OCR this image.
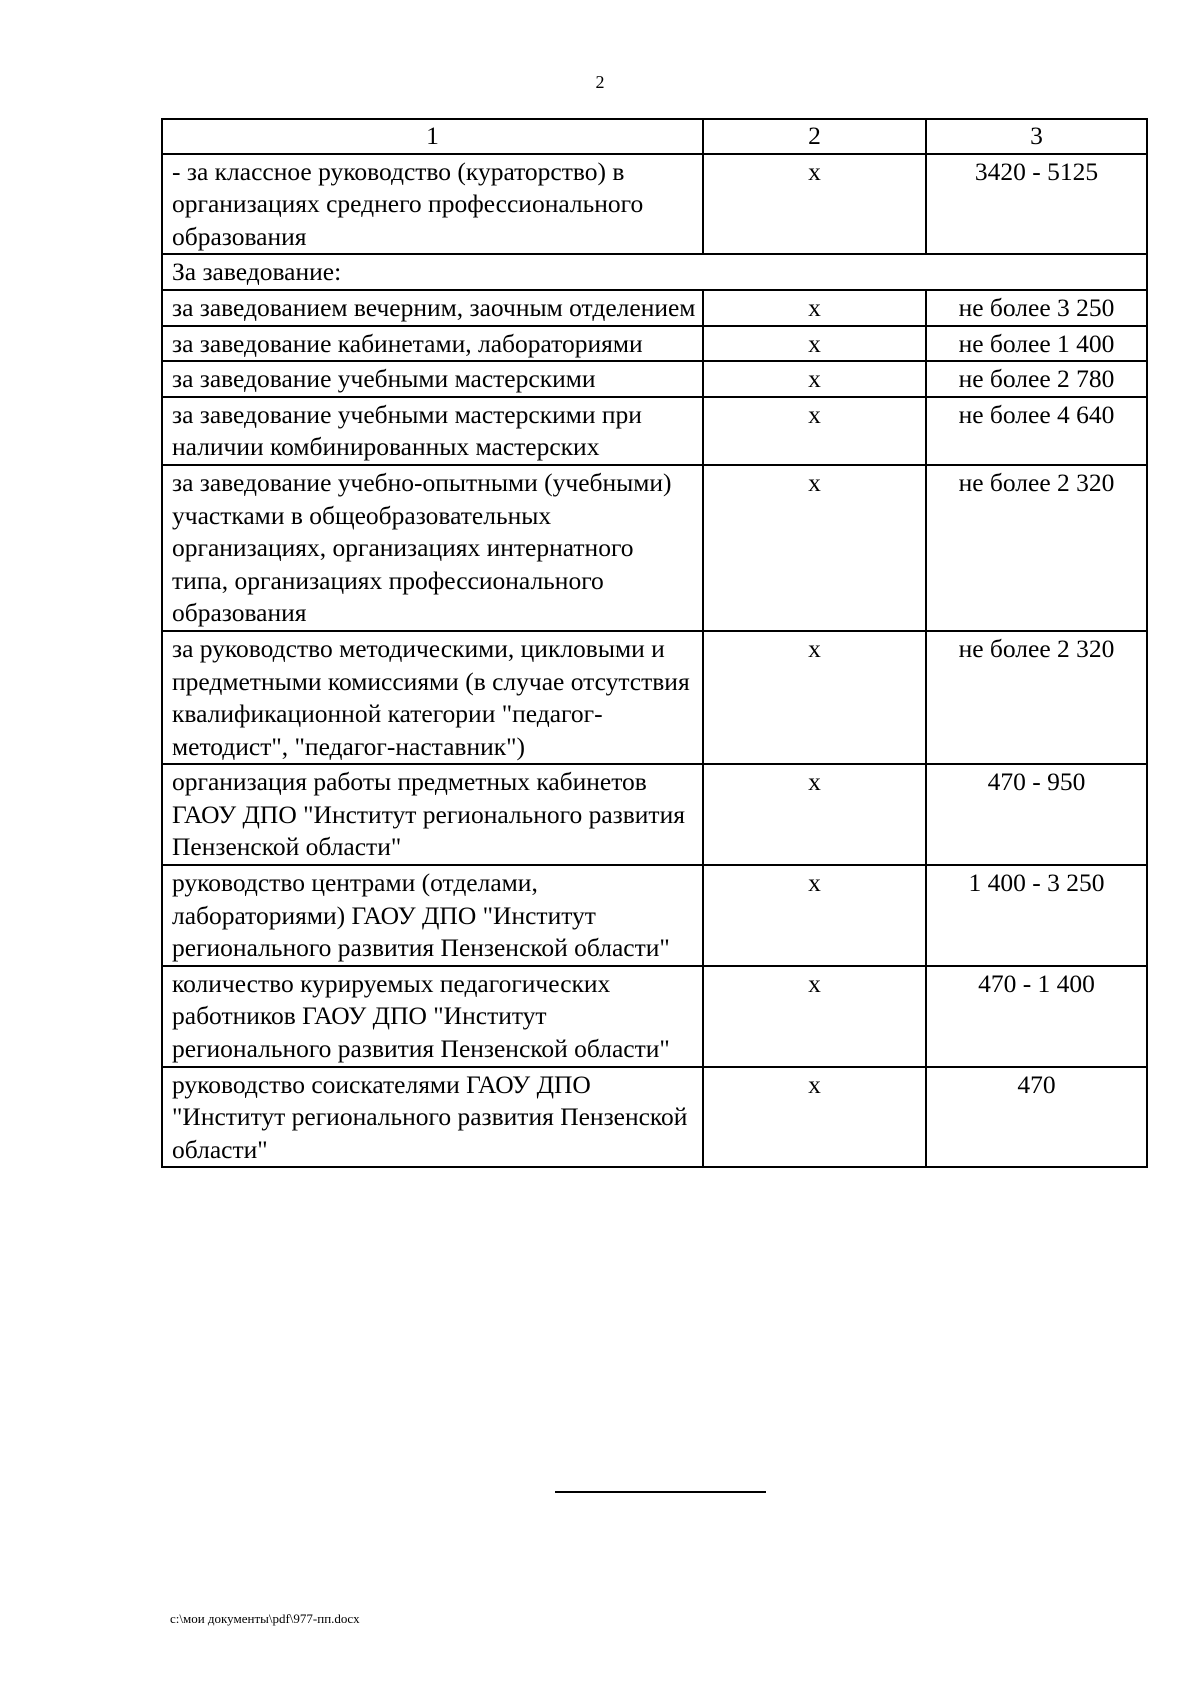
2
1	2	3
- за классное руководство (кураторство) в организациях среднего профессионального образования	х	3420 - 5125
За заведование:		
за заведованием вечерним, заочным отделением	х	не более 3 250
за заведование кабинетами, лабораториями	х	не более 1 400
за заведование учебными мастерскими	х	не более 2 780
за заведование учебными мастерскими при наличии комбинированных мастерских	х	не более 4 640
за заведование учебно-опытными (учебными) участками в общеобразовательных организациях, организациях интернатного типа, организациях профессионального образования	х	не более 2 320
за руководство методическими, цикловыми и предметными комиссиями (в случае отсутствия квалификационной категории "педагог-методист", "педагог-наставник")	х	не более 2 320
организация работы предметных кабинетов ГАОУ ДПО "Институт регионального развития Пензенской области"	х	470 - 950
руководство центрами (отделами, лабораториями) ГАОУ ДПО "Институт регионального развития Пензенской области"	х	1 400 - 3 250
количество курируемых педагогических работников ГАОУ ДПО "Институт регионального развития Пензенской области"	х	470 - 1 400
руководство соискателями ГАОУ ДПО "Институт регионального развития Пензенской области"	х	470
c:\мои документы\pdf\977-пп.docx
